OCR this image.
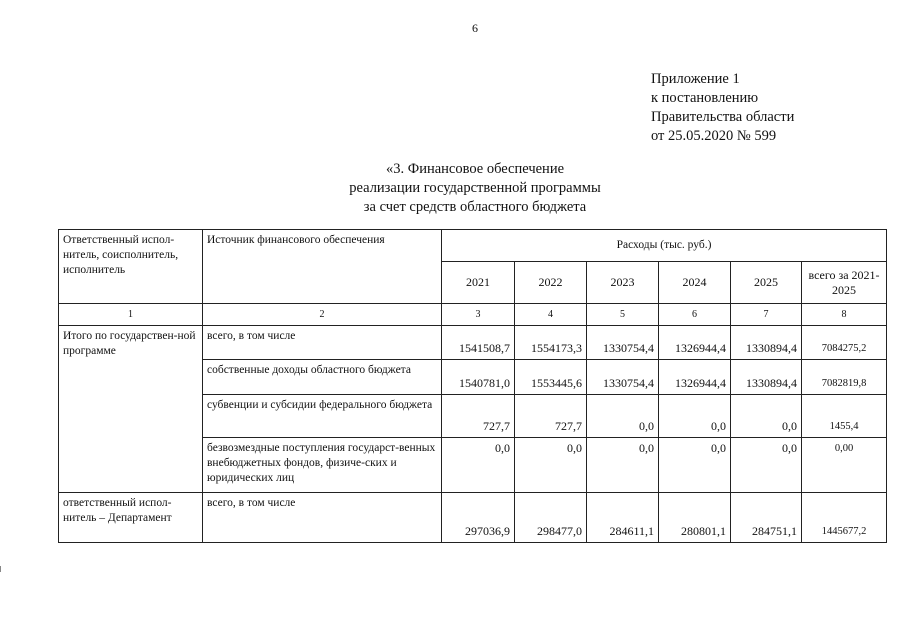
6
Приложение 1
к постановлению
Правительства области
от 25.05.2020 № 599
«3. Финансовое обеспечение
реализации государственной программы
за счет средств областного бюджета
Ответственный испол-нитель, соисполнитель, исполнитель	Источник финансового обеспечения	Расходы (тыс. руб.)					
		2021	2022	2023	2024	2025	всего за 2021-2025
1	2	3	4	5	6	7	8
Итого по государствен-ной программе	всего, в том числе	1541508,7	1554173,3	1330754,4	1326944,4	1330894,4	7084275,2
	собственные доходы областного бюджета	1540781,0	1553445,6	1330754,4	1326944,4	1330894,4	7082819,8
	субвенции и субсидии федерального бюджета	727,7	727,7	0,0	0,0	0,0	1455,4
	безвозмездные поступления государст-венных внебюджетных фондов, физиче-ских и юридических лиц	0,0	0,0	0,0	0,0	0,0	0,00
ответственный испол-нитель – Департамент	всего, в том числе	297036,9	298477,0	284611,1	280801,1	284751,1	1445677,2
